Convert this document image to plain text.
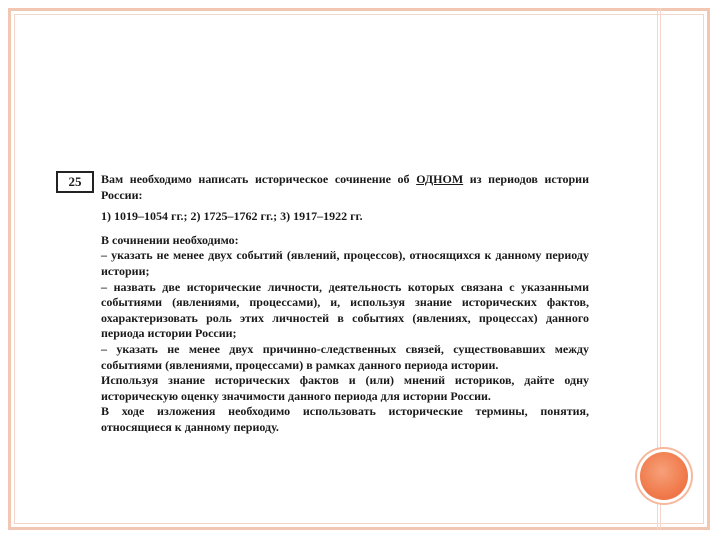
25	Вам необходимо написать историческое сочинение об ОДНОМ из периодов истории России:

1) 1019–1054 гг.; 2) 1725–1762 гг.; 3) 1917–1922 гг.

В сочинении необходимо:

– указать не менее двух событий (явлений, процессов), относящихся к данному периоду истории;

– назвать две исторические личности, деятельность которых связана с указанными событиями (явлениями, процессами), и, используя знание исторических фактов, охарактеризовать роль этих личностей в событиях (явлениях, процессах) данного периода истории России;

– указать не менее двух причинно-следственных связей, существовавших между событиями (явлениями, процессами) в рамках данного периода истории.

Используя знание исторических фактов и (или) мнений историков, дайте одну историческую оценку значимости данного периода для истории России.

В ходе изложения необходимо использовать исторические термины, понятия, относящиеся к данному периоду.
